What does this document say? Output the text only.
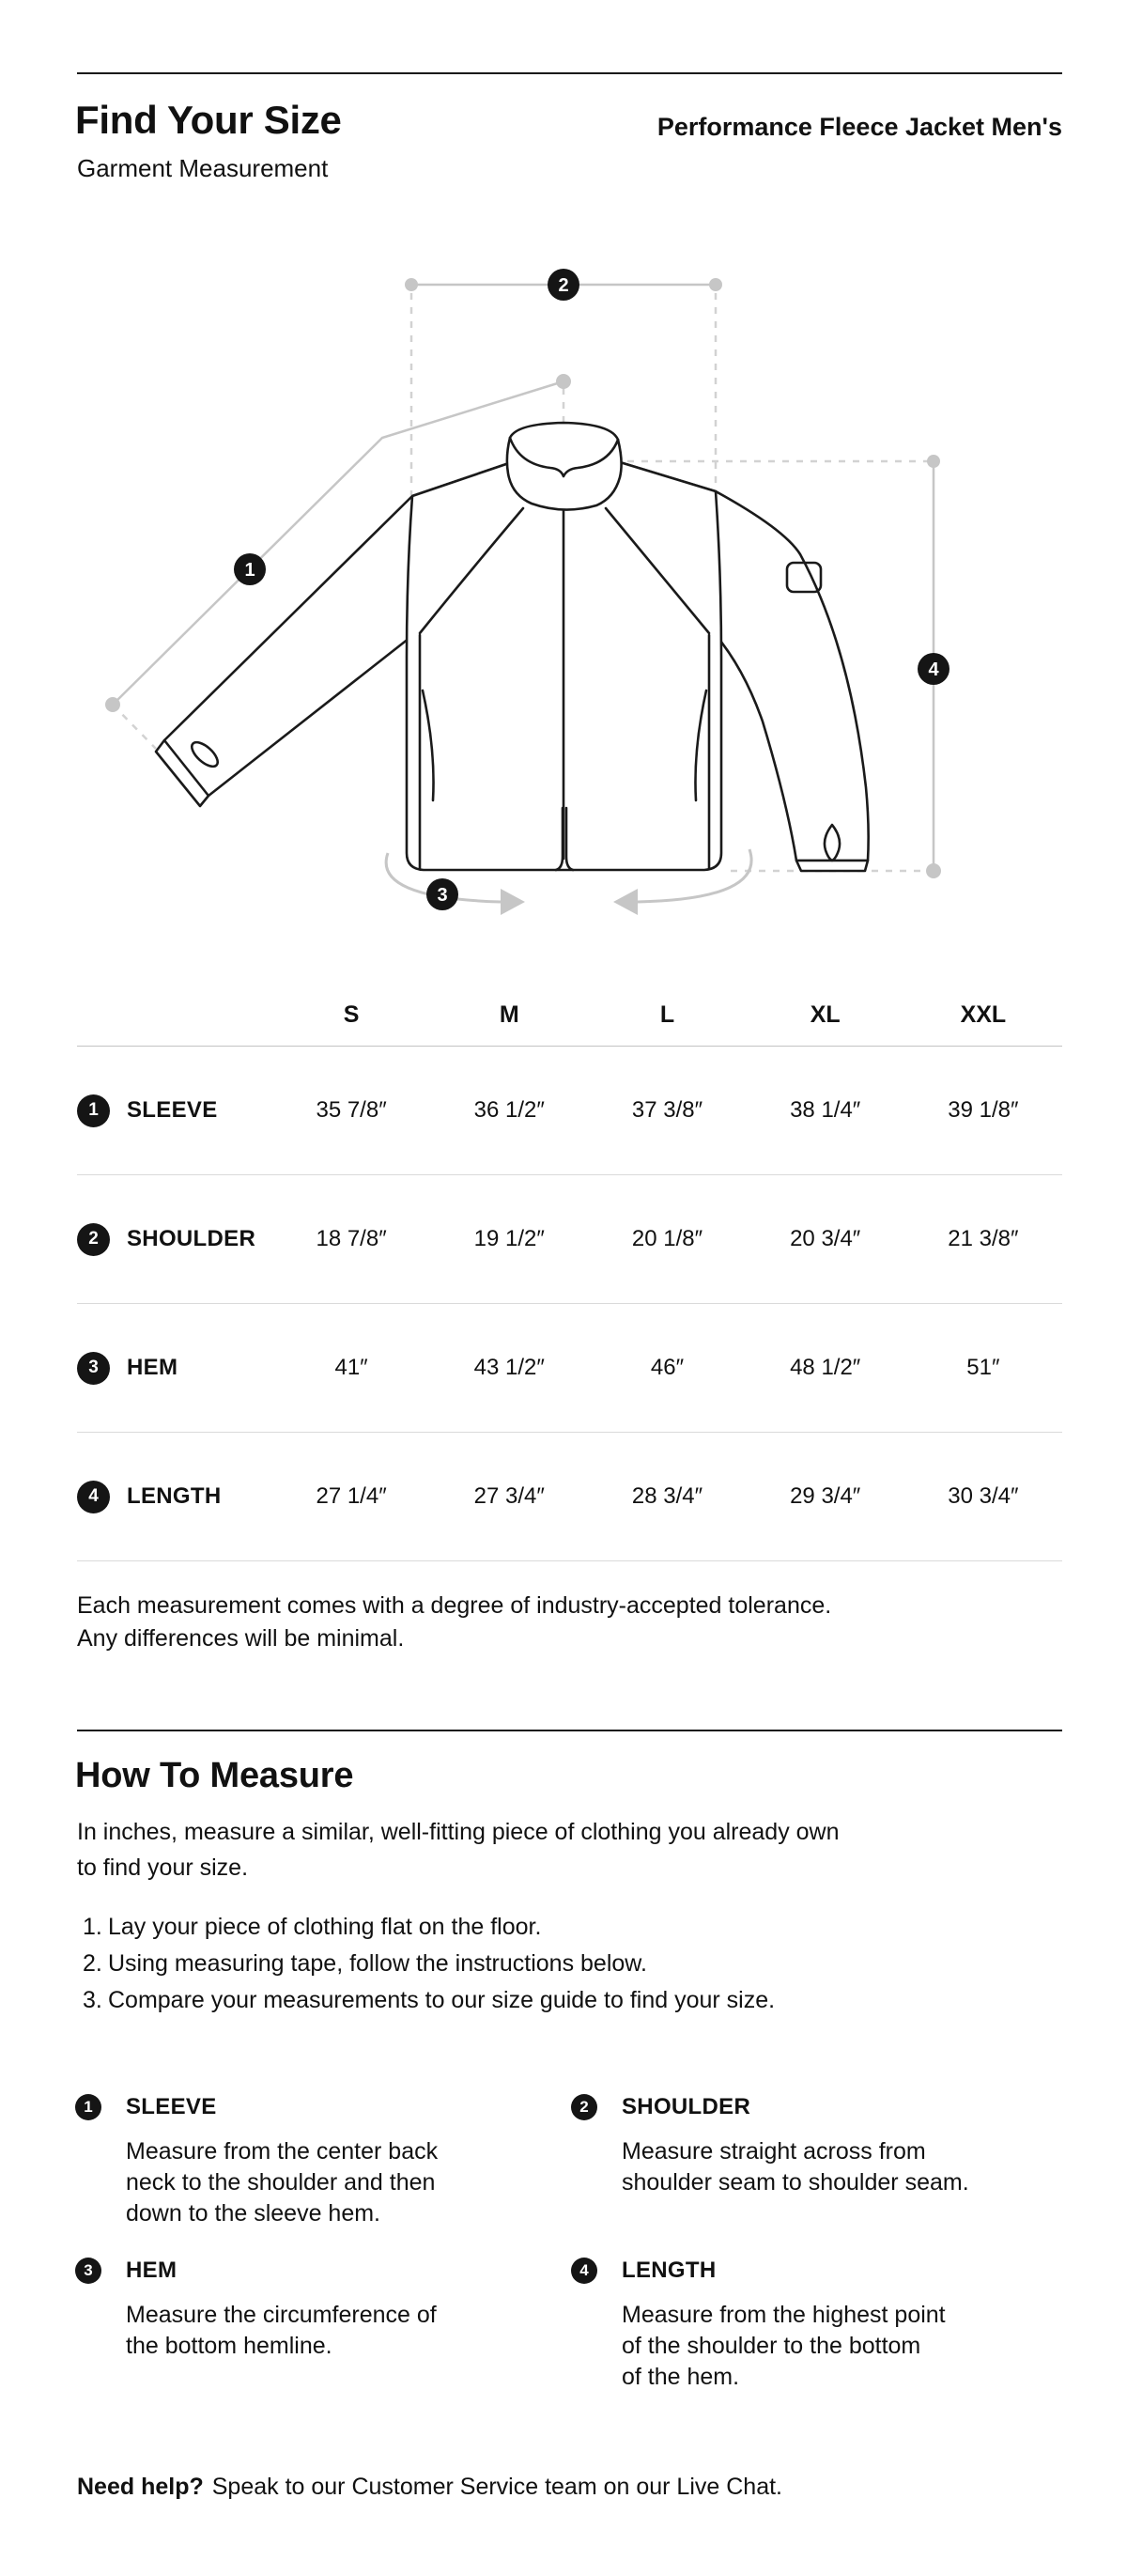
Find Your Size	Performance Fleece Jacket Men's
Garment Measurement
1
2
3
4
S	M	L	XL	XXL
1	SLEEVE	35 7/8″	36 1/2″	37 3/8″	38 1/4″	39 1/8″
2	SHOULDER	18 7/8″	19 1/2″	20 1/8″	20 3/4″	21 3/8″
3	HEM	41″	43 1/2″	46″	48 1/2″	51″
4	LENGTH	27 1/4″	27 3/4″	28 3/4″	29 3/4″	30 3/4″
Each measurement comes with a degree of industry-accepted tolerance.
Any differences will be minimal.
How To Measure
In inches, measure a similar, well-fitting piece of clothing you already own
to find your size.
1. Lay your piece of clothing flat on the floor.
2. Using measuring tape, follow the instructions below.
3. Compare your measurements to our size guide to find your size.
1	SLEEVE
Measure from the center back
neck to the shoulder and then
down to the sleeve hem.
2	SHOULDER
Measure straight across from
shoulder seam to shoulder seam.
3	HEM
Measure the circumference of
the bottom hemline.
4	LENGTH
Measure from the highest point
of the shoulder to the bottom
of the hem.
Need help? Speak to our Customer Service team on our Live Chat.
